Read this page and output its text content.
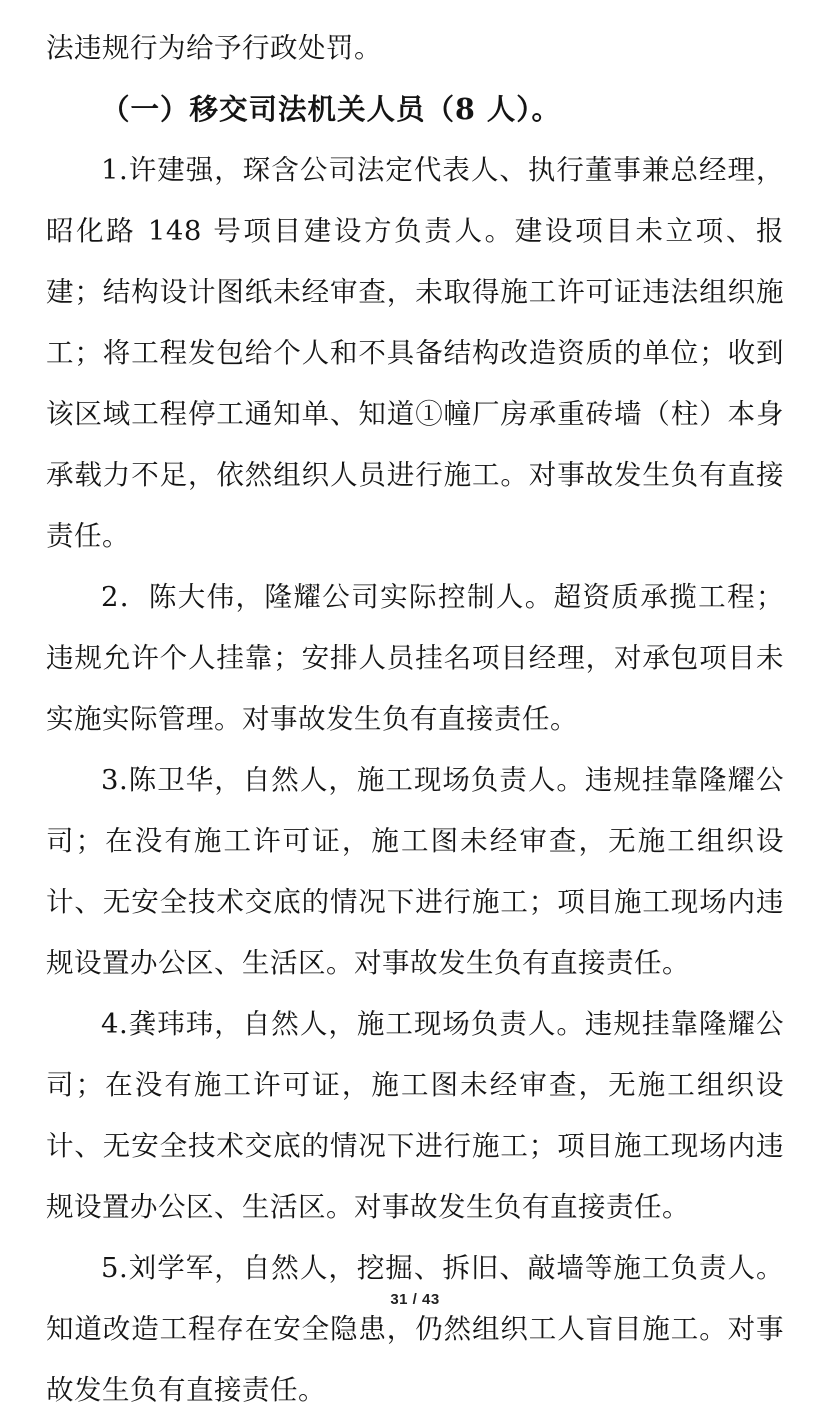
法违规行为给予行政处罚。

（一）移交司法机关人员（8 人）。

1.许建强，琛含公司法定代表人、执行董事兼总经理，昭化路 148 号项目建设方负责人。建设项目未立项、报建；结构设计图纸未经审查，未取得施工许可证违法组织施工；将工程发包给个人和不具备结构改造资质的单位；收到该区域工程停工通知单、知道①幢厂房承重砖墙（柱）本身承载力不足，依然组织人员进行施工。对事故发生负有直接责任。

2．陈大伟，隆耀公司实际控制人。超资质承揽工程；违规允许个人挂靠；安排人员挂名项目经理，对承包项目未实施实际管理。对事故发生负有直接责任。

3.陈卫华，自然人，施工现场负责人。违规挂靠隆耀公司；在没有施工许可证，施工图未经审查，无施工组织设计、无安全技术交底的情况下进行施工；项目施工现场内违规设置办公区、生活区。对事故发生负有直接责任。

4.龚玮玮，自然人，施工现场负责人。违规挂靠隆耀公司；在没有施工许可证，施工图未经审查，无施工组织设计、无安全技术交底的情况下进行施工；项目施工现场内违规设置办公区、生活区。对事故发生负有直接责任。

5.刘学军，自然人，挖掘、拆旧、敲墙等施工负责人。知道改造工程存在安全隐患，仍然组织工人盲目施工。对事故发生负有直接责任。

31 / 43
